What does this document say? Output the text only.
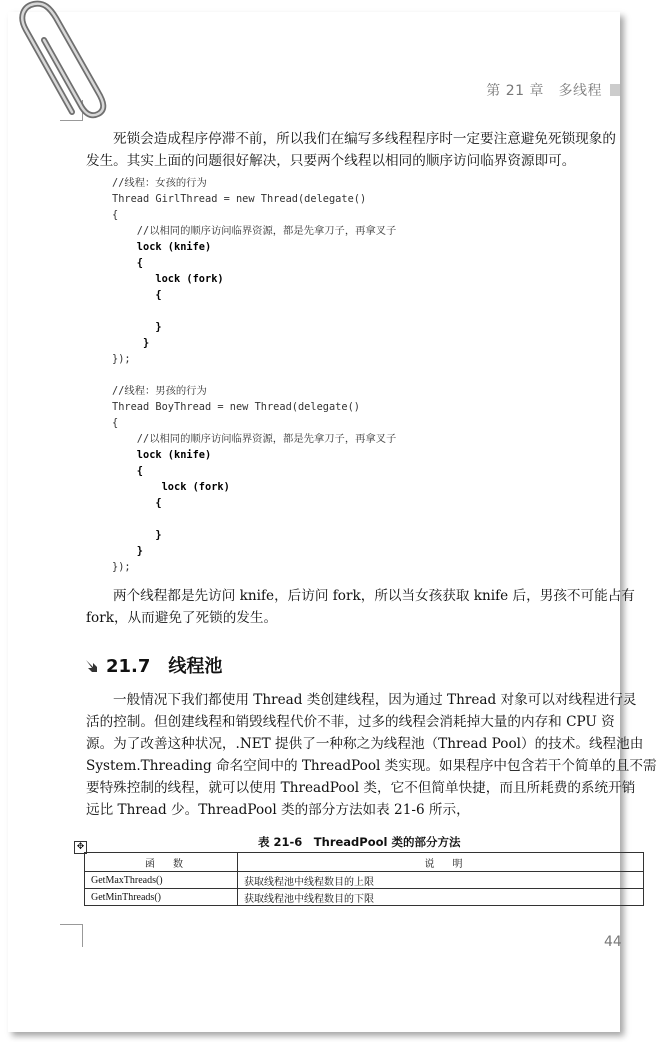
第 21 章　多线程

死锁会造成程序停滞不前，所以我们在编写多线程程序时一定要注意避免死锁现象的
发生。其实上面的问题很好解决，只要两个线程以相同的顺序访问临界资源即可。

//线程：女孩的行为
Thread GirlThread = new Thread(delegate()
{
//以相同的顺序访问临界资源，都是先拿刀子，再拿叉子
lock (knife)
{
lock (fork)
{
}
}
});
//线程：男孩的行为
Thread BoyThread = new Thread(delegate()
{
//以相同的顺序访问临界资源，都是先拿刀子，再拿叉子
lock (knife)
{
lock (fork)
{
}
}
});

两个线程都是先访问 knife，后访问 fork，所以当女孩获取 knife 后，男孩不可能占有
fork，从而避免了死锁的发生。

21.7 线程池

一般情况下我们都使用 Thread 类创建线程，因为通过 Thread 对象可以对线程进行灵
活的控制。但创建线程和销毁线程代价不菲，过多的线程会消耗掉大量的内存和 CPU 资
源。为了改善这种状况，.NET 提供了一种称之为线程池（Thread Pool）的技术。线程池由
System.Threading 命名空间中的 ThreadPool 类实现。如果程序中包含若干个简单的且不需
要特殊控制的线程，就可以使用 ThreadPool 类，它不但简单快捷，而且所耗费的系统开销
远比 Thread 少。ThreadPool 类的部分方法如表 21-6 所示，

表 21-6　ThreadPool 类的部分方法
✥
函数	说明
GetMaxThreads()	获取线程池中线程数目的上限
GetMinThreads()	获取线程池中线程数目的下限
44
